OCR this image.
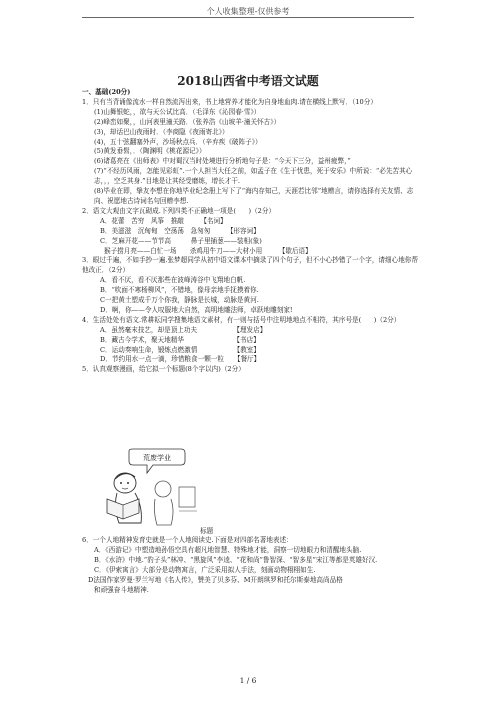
个人收集整理-仅供参考
2018山西省中考语文试题

一、基础(20分)

1．只有当背诵像流水一样自然流泻出来，书上地营养才能化为自身地血肉.请在横线上默写．（10分）

(1)山舞银蛇，，欲与天公试比高．（毛泽东《沁园春·雪》）

(2)峰峦如聚，，山河表里潼关路．（张养浩《山坡羊·潼关怀古》）

(3)，却话巴山夜雨时．（李商隐《夜雨寄北》）

(4)，五十弦翻塞外声，沙场秋点兵．（辛弃疾《破阵子》）

(5)黄发垂髫，．（陶渊明《桃花源记》）

(6)诸葛亮在《出师表》中对蜀汉当时处境进行分析地句子是：“今天下三分，益州疲弊，”

(7)“不经历风雨，怎能见彩虹”.一个人担当大任之前，如孟子在《生于忧患，死于安乐》中所说：“必先苦其心志，，，空乏其身.”目地是让其经受磨练，增长才干.

(8)毕业在即，挚友李想在你地毕业纪念册上写下了“海内存知己，天涯若比邻”地赠言，请你选择有关友情、志向、祝愿地古诗词名句回赠李想.

2．语文大观由文字瓦砌成.下列四类不正确地一项是(      )（2分）

A．花蕾　苦穷　风筝　推敲　　　【名词】

B．美滋滋　沉甸甸　空荡荡　急匆匆　　　【形容词】

C．芝麻开花——节节高　　　鼻子里插葱——装相(象)

猴子捞月亮——白忙一场　　杀鸡用牛刀——大材小用　　　【歇后语】

3．眼过千遍，不如手抄一遍.张梦超同学从初中语文课本中摘录了四个句子，但不小心抄错了一个字，请细心地你帮他改正．（2分）

A．看不厌，看不厌那些在波峰涛谷中飞翔地白帆.

B．“吹面不寒杨柳风”，不错地，像母亲地手抚摸着你.

C一把黄土塑成千万个你我，静脉是长城，动脉是黄河.

D．啊，你——令人叹服地大自然，高明地雕法师，卓跃地雕刻家!

4．生活处处有语文.常耕耘同学搜集地语文素材，有一则与括号中注明地地点不相符，其序号是(      )（2分）

A．虽然毫末技艺，却是顶上功夫　　　　　　【理发店】

B．藏古今学术，聚天地精华　　　　　　　　【书店】

C．运动奏响生命，锻炼点燃激情　　　　　　【教室】

D．节约用水一点一滴，珍惜粮食一颗一粒　　【餐厅】

5．认真观察漫画，给它拟一个标题(8个字以内)（2分）

荒废学业
标题

6．一个人地精神发育史就是一个人地阅读史.下面是对四部名著地表述：

A．《西游记》中塑造地孙悟空具有超凡地智慧、特殊地才能，洞察一切地眼力和清醒地头脑.

B．《水浒》中地.“豹子头”林冲、“黑旋风”李逵、“花和尚”鲁智深、“智多星”宋江等都是英雄好汉.

C．《伊索寓言》大部分是动物寓言，广泛采用拟人手法，刻画动物栩栩如生.

D法国作家罗曼·罗兰写地《名人传》，赞美了贝多芬、M开朗琪罗和托尔斯泰地高尚品格

和顽强奋斗地精神.

1 / 6
